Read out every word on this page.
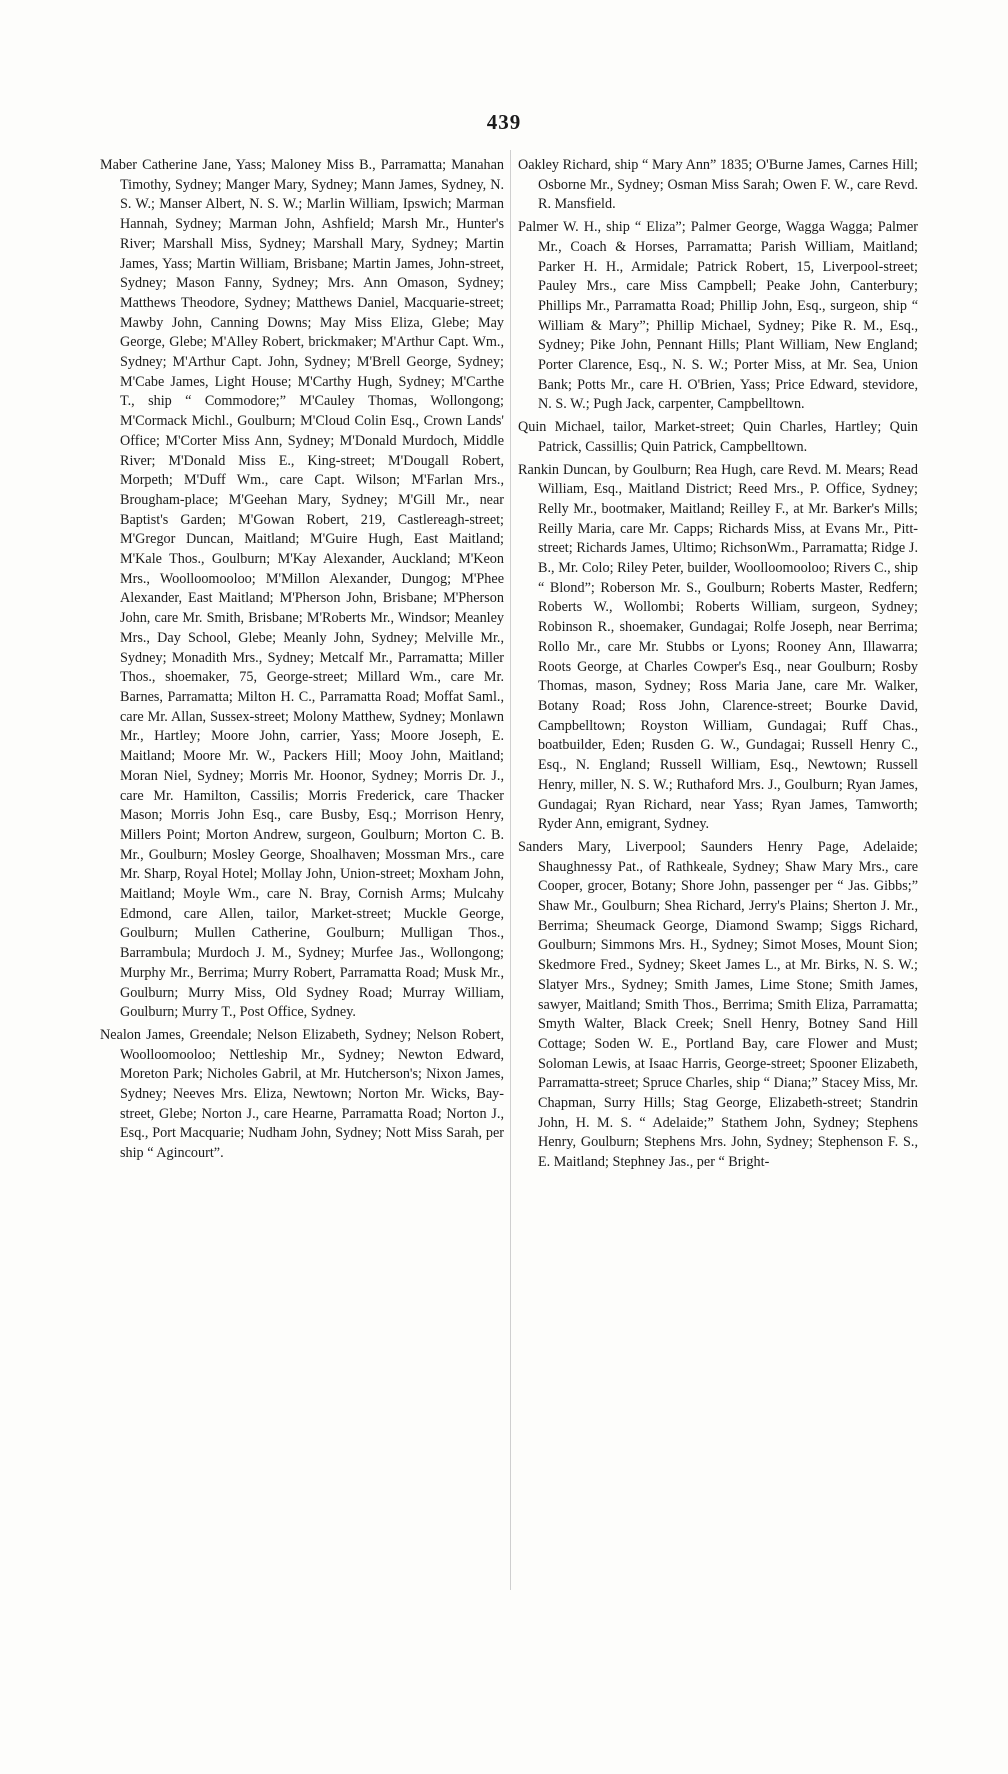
439

Maber Catherine Jane, Yass; Maloney Miss B., Parramatta; Manahan Timothy, Sydney; Manger Mary, Sydney; Mann James, Sydney, N. S. W.; Manser Albert, N. S. W.; Marlin William, Ipswich; Marman Hannah, Sydney; Marman John, Ashfield; Marsh Mr., Hunter's River; Marshall Miss, Sydney; Marshall Mary, Sydney; Martin James, Yass; Martin William, Brisbane; Martin James, John-street, Sydney; Mason Fanny, Sydney; Mrs. Ann Omason, Sydney; Matthews Theodore, Sydney; Matthews Daniel, Macquarie-street; Mawby John, Canning Downs; May Miss Eliza, Glebe; May George, Glebe; M'Alley Robert, brickmaker; M'Arthur Capt. Wm., Sydney; M'Arthur Capt. John, Sydney; M'Brell George, Sydney; M'Cabe James, Light House; M'Carthy Hugh, Sydney; M'Carthe T., ship “ Commodore;” M'Cauley Thomas, Wollongong; M'Cormack Michl., Goulburn; M'Cloud Colin Esq., Crown Lands' Office; M'Corter Miss Ann, Sydney; M'Donald Murdoch, Middle River; M'Donald Miss E., King-street; M'Dougall Robert, Morpeth; M'Duff Wm., care Capt. Wilson; M'Farlan Mrs., Brougham-place; M'Geehan Mary, Sydney; M'Gill Mr., near Baptist's Garden; M'Gowan Robert, 219, Castlereagh-street; M'Gregor Duncan, Maitland; M'Guire Hugh, East Maitland; M'Kale Thos., Goulburn; M'Kay Alexander, Auckland; M'Keon Mrs., Woolloomooloo; M'Millon Alexander, Dungog; M'Phee Alexander, East Maitland; M'Pherson John, Brisbane; M'Pherson John, care Mr. Smith, Brisbane; M'Roberts Mr., Windsor; Meanley Mrs., Day School, Glebe; Meanly John, Sydney; Melville Mr., Sydney; Monadith Mrs., Sydney; Metcalf Mr., Parramatta; Miller Thos., shoemaker, 75, George-street; Millard Wm., care Mr. Barnes, Parramatta; Milton H. C., Parramatta Road; Moffat Saml., care Mr. Allan, Sussex-street; Molony Matthew, Sydney; Monlawn Mr., Hartley; Moore John, carrier, Yass; Moore Joseph, E. Maitland; Moore Mr. W., Packers Hill; Mooy John, Maitland; Moran Niel, Sydney; Morris Mr. Hoonor, Sydney; Morris Dr. J., care Mr. Hamilton, Cassilis; Morris Frederick, care Thacker Mason; Morris John Esq., care Busby, Esq.; Morrison Henry, Millers Point; Morton Andrew, surgeon, Goulburn; Morton C. B. Mr., Goulburn; Mosley George, Shoalhaven; Mossman Mrs., care Mr. Sharp, Royal Hotel; Mollay John, Union-street; Moxham John, Maitland; Moyle Wm., care N. Bray, Cornish Arms; Mulcahy Edmond, care Allen, tailor, Market-street; Muckle George, Goulburn; Mullen Catherine, Goulburn; Mulligan Thos., Barrambula; Murdoch J. M., Sydney; Murfee Jas., Wollongong; Murphy Mr., Berrima; Murry Robert, Parramatta Road; Musk Mr., Goulburn; Murry Miss, Old Sydney Road; Murray William, Goulburn; Murry T., Post Office, Sydney.

Nealon James, Greendale; Nelson Elizabeth, Sydney; Nelson Robert, Woolloomooloo; Nettleship Mr., Sydney; Newton Edward, Moreton Park; Nicholes Gabril, at Mr. Hutcherson's; Nixon James, Sydney; Neeves Mrs. Eliza, Newtown; Norton Mr. Wicks, Bay-street, Glebe; Norton J., care Hearne, Parramatta Road; Norton J., Esq., Port Macquarie; Nudham John, Sydney; Nott Miss Sarah, per ship “ Agincourt”.

Oakley Richard, ship “ Mary Ann” 1835; O'Burne James, Carnes Hill; Osborne Mr., Sydney; Osman Miss Sarah; Owen F. W., care Revd. R. Mansfield.

Palmer W. H., ship “ Eliza”; Palmer George, Wagga Wagga; Palmer Mr., Coach & Horses, Parramatta; Parish William, Maitland; Parker H. H., Armidale; Patrick Robert, 15, Liverpool-street; Pauley Mrs., care Miss Campbell; Peake John, Canterbury; Phillips Mr., Parramatta Road; Phillip John, Esq., surgeon, ship “ William & Mary”; Phillip Michael, Sydney; Pike R. M., Esq., Sydney; Pike John, Pennant Hills; Plant William, New England; Porter Clarence, Esq., N. S. W.; Porter Miss, at Mr. Sea, Union Bank; Potts Mr., care H. O'Brien, Yass; Price Edward, stevidore, N. S. W.; Pugh Jack, carpenter, Campbelltown.

Quin Michael, tailor, Market-street; Quin Charles, Hartley; Quin Patrick, Cassillis; Quin Patrick, Campbelltown.

Rankin Duncan, by Goulburn; Rea Hugh, care Revd. M. Mears; Read William, Esq., Maitland District; Reed Mrs., P. Office, Sydney; Relly Mr., bootmaker, Maitland; Reilley F., at Mr. Barker's Mills; Reilly Maria, care Mr. Capps; Richards Miss, at Evans Mr., Pitt-street; Richards James, Ultimo; RichsonWm., Parramatta; Ridge J. B., Mr. Colo; Riley Peter, builder, Woolloomooloo; Rivers C., ship “ Blond”; Roberson Mr. S., Goulburn; Roberts Master, Redfern; Roberts W., Wollombi; Roberts William, surgeon, Sydney; Robinson R., shoemaker, Gundagai; Rolfe Joseph, near Berrima; Rollo Mr., care Mr. Stubbs or Lyons; Rooney Ann, Illawarra; Roots George, at Charles Cowper's Esq., near Goulburn; Rosby Thomas, mason, Sydney; Ross Maria Jane, care Mr. Walker, Botany Road; Ross John, Clarence-street; Bourke David, Campbelltown; Royston William, Gundagai; Ruff Chas., boatbuilder, Eden; Rusden G. W., Gundagai; Russell Henry C., Esq., N. England; Russell William, Esq., Newtown; Russell Henry, miller, N. S. W.; Ruthaford Mrs. J., Goulburn; Ryan James, Gundagai; Ryan Richard, near Yass; Ryan James, Tamworth; Ryder Ann, emigrant, Sydney.

Sanders Mary, Liverpool; Saunders Henry Page, Adelaide; Shaughnessy Pat., of Rathkeale, Sydney; Shaw Mary Mrs., care Cooper, grocer, Botany; Shore John, passenger per “ Jas. Gibbs;” Shaw Mr., Goulburn; Shea Richard, Jerry's Plains; Sherton J. Mr., Berrima; Sheumack George, Diamond Swamp; Siggs Richard, Goulburn; Simmons Mrs. H., Sydney; Simot Moses, Mount Sion; Skedmore Fred., Sydney; Skeet James L., at Mr. Birks, N. S. W.; Slatyer Mrs., Sydney; Smith James, Lime Stone; Smith James, sawyer, Maitland; Smith Thos., Berrima; Smith Eliza, Parramatta; Smyth Walter, Black Creek; Snell Henry, Botney Sand Hill Cottage; Soden W. E., Portland Bay, care Flower and Must; Soloman Lewis, at Isaac Harris, George-street; Spooner Elizabeth, Parramatta-street; Spruce Charles, ship “ Diana;” Stacey Miss, Mr. Chapman, Surry Hills; Stag George, Elizabeth-street; Standrin John, H. M. S. “ Adelaide;” Stathem John, Sydney; Stephens Henry, Goulburn; Stephens Mrs. John, Sydney; Stephenson F. S., E. Maitland; Stephney Jas., per “ Bright-
